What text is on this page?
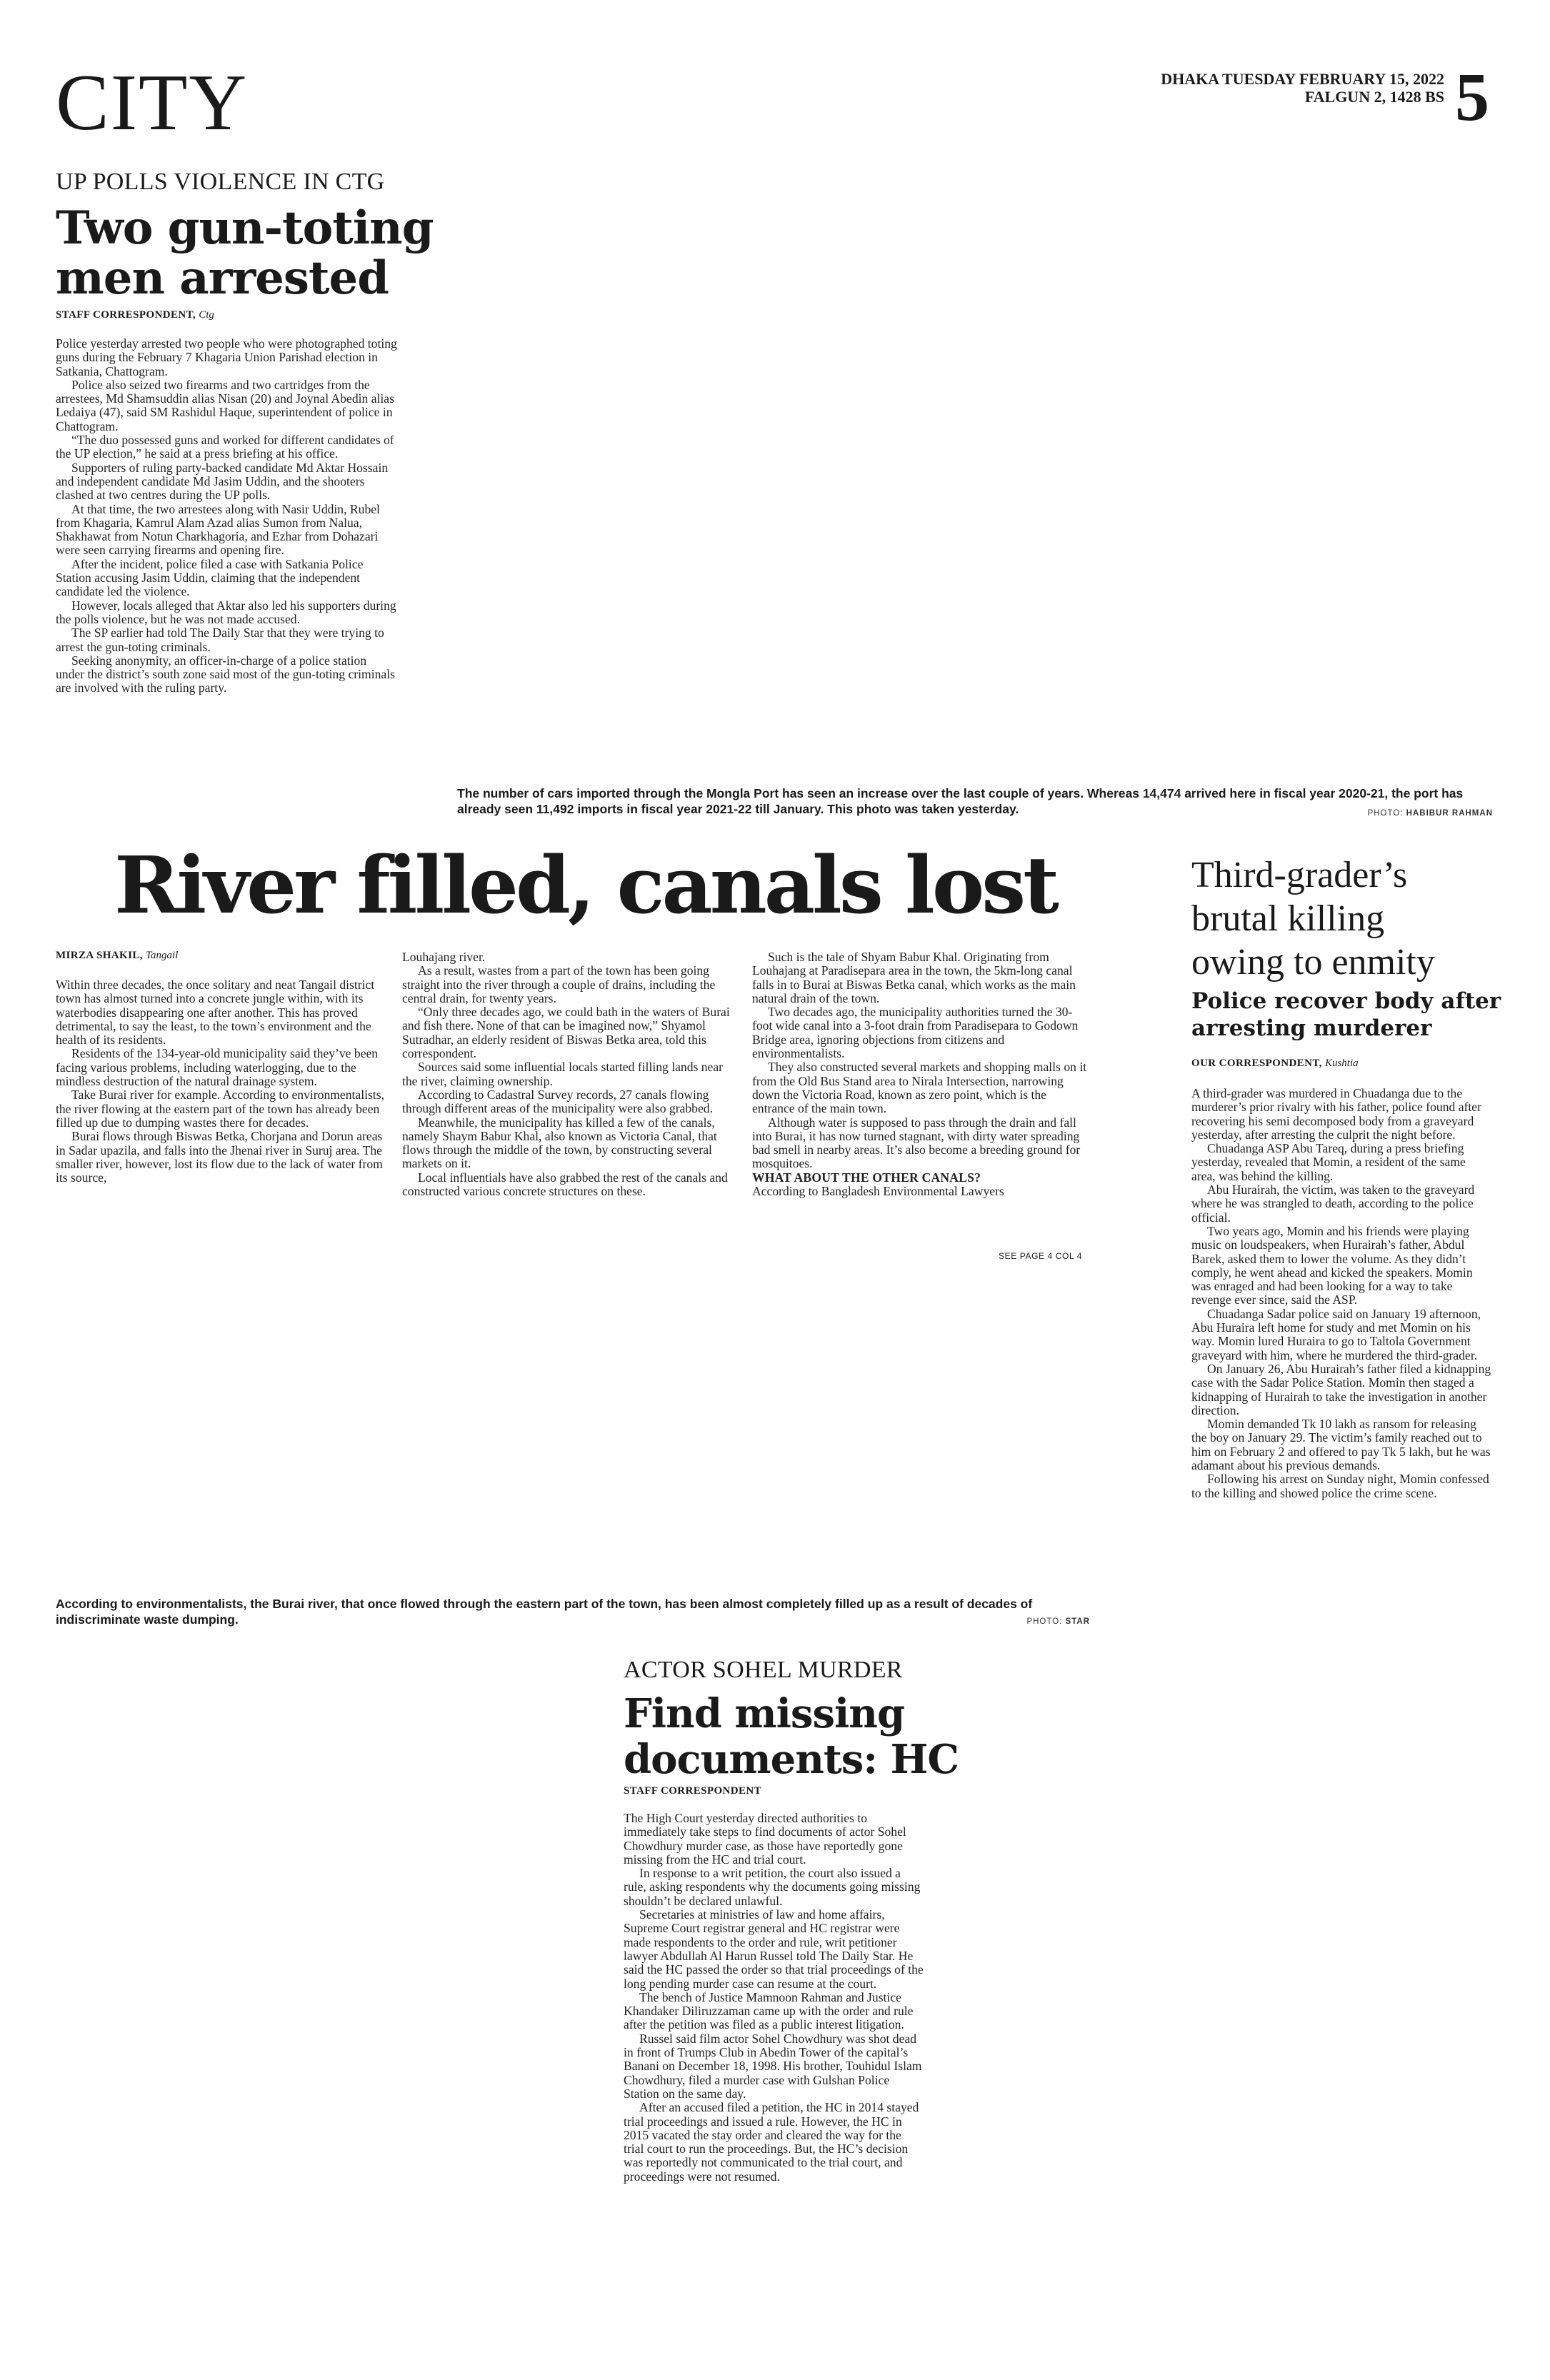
CITY	DHAKA TUESDAY FEBRUARY 15, 2022
FALGUN 2, 1428 BS 5
UP POLLS VIOLENCE IN CTG
Two gun-toting
men arrested
STAFF CORRESPONDENT, Ctg

Police yesterday arrested two people who were photographed toting guns during the February 7 Khagaria Union Parishad election in Satkania, Chattogram.

Police also seized two firearms and two cartridges from the arrestees, Md Shamsuddin alias Nisan (20) and Joynal Abedin alias Ledaiya (47), said SM Rashidul Haque, superintendent of police in Chattogram.

“The duo possessed guns and worked for different candidates of the UP election,” he said at a press briefing at his office.

Supporters of ruling party-backed candidate Md Aktar Hossain and independent candidate Md Jasim Uddin, and the shooters clashed at two centres during the UP polls.

At that time, the two arrestees along with Nasir Uddin, Rubel from Khagaria, Kamrul Alam Azad alias Sumon from Nalua, Shakhawat from Notun Charkhagoria, and Ezhar from Dohazari were seen carrying firearms and opening fire.

After the incident, police filed a case with Satkania Police Station accusing Jasim Uddin, claiming that the independent candidate led the violence.

However, locals alleged that Aktar also led his supporters during the polls violence, but he was not made accused.

The SP earlier had told The Daily Star that they were trying to arrest the gun-toting criminals.

Seeking anonymity, an officer-in-charge of a police station under the district’s south zone said most of the gun-toting criminals are involved with the ruling party.

The number of cars imported through the Mongla Port has seen an increase over the last couple of years. Whereas 14,474 arrived here in fiscal year 2020-21, the port has already seen 11,492 imports in fiscal year 2021-22 till January. This photo was taken yesterday.	PHOTO: HABIBUR RAHMAN
River filled, canals lost
MIRZA SHAKIL, Tangail

Within three decades, the once solitary and neat Tangail district town has almost turned into a concrete jungle within, with its waterbodies disappearing one after another. This has proved detrimental, to say the least, to the town’s environment and the health of its residents.

Residents of the 134-year-old municipality said they’ve been facing various problems, including waterlogging, due to the mindless destruction of the natural drainage system.

Take Burai river for example. According to environmentalists, the river flowing at the eastern part of the town has already been filled up due to dumping wastes there for decades.

Burai flows through Biswas Betka, Chorjana and Dorun areas in Sadar upazila, and falls into the Jhenai river in Suruj area. The smaller river, however, lost its flow due to the lack of water from its source,

Louhajang river.

As a result, wastes from a part of the town has been going straight into the river through a couple of drains, including the central drain, for twenty years.

“Only three decades ago, we could bath in the waters of Burai and fish there. None of that can be imagined now,” Shyamol Sutradhar, an elderly resident of Biswas Betka area, told this correspondent.

Sources said some influential locals started filling lands near the river, claiming ownership.

According to Cadastral Survey records, 27 canals flowing through different areas of the municipality were also grabbed.

Meanwhile, the municipality has killed a few of the canals, namely Shaym Babur Khal, also known as Victoria Canal, that flows through the middle of the town, by constructing several markets on it.

Local influentials have also grabbed the rest of the canals and constructed various concrete structures on these.

Such is the tale of Shyam Babur Khal. Originating from Louhajang at Paradisepara area in the town, the 5km-long canal falls in to Burai at Biswas Betka canal, which works as the main natural drain of the town.

Two decades ago, the municipality authorities turned the 30-foot wide canal into a 3-foot drain from Paradisepara to Godown Bridge area, ignoring objections from citizens and environmentalists.

They also constructed several markets and shopping malls on it from the Old Bus Stand area to Nirala Intersection, narrowing down the Victoria Road, known as zero point, which is the entrance of the main town.

Although water is supposed to pass through the drain and fall into Burai, it has now turned stagnant, with dirty water spreading bad smell in nearby areas. It’s also become a breeding ground for mosquitoes.

WHAT ABOUT THE OTHER CANALS?

According to Bangladesh Environmental Lawyers

SEE PAGE 4 COL 4
According to environmentalists, the Burai river, that once flowed through the eastern part of the town, has been almost completely filled up as a result of decades of indiscriminate waste dumping.	PHOTO: STAR
Third-grader’s
brutal killing
owing to enmity
Police recover body after
arresting murderer
OUR CORRESPONDENT, Kushtia

A third-grader was murdered in Chuadanga due to the murderer’s prior rivalry with his father, police found after recovering his semi decomposed body from a graveyard yesterday, after arresting the culprit the night before.

Chuadanga ASP Abu Tareq, during a press briefing yesterday, revealed that Momin, a resident of the same area, was behind the killing.

Abu Hurairah, the victim, was taken to the graveyard where he was strangled to death, according to the police official.

Two years ago, Momin and his friends were playing music on loudspeakers, when Hurairah’s father, Abdul Barek, asked them to lower the volume. As they didn’t comply, he went ahead and kicked the speakers. Momin was enraged and had been looking for a way to take revenge ever since, said the ASP.

Chuadanga Sadar police said on January 19 afternoon, Abu Huraira left home for study and met Momin on his way. Momin lured Huraira to go to Taltola Government graveyard with him, where he murdered the third-grader.

On January 26, Abu Hurairah’s father filed a kidnapping case with the Sadar Police Station. Momin then staged a kidnapping of Hurairah to take the investigation in another direction.

Momin demanded Tk 10 lakh as ransom for releasing the boy on January 29. The victim’s family reached out to him on February 2 and offered to pay Tk 5 lakh, but he was adamant about his previous demands.

Following his arrest on Sunday night, Momin confessed to the killing and showed police the crime scene.

ACTOR SOHEL MURDER
Find missing
documents: HC
STAFF CORRESPONDENT

The High Court yesterday directed authorities to immediately take steps to find documents of actor Sohel Chowdhury murder case, as those have reportedly gone missing from the HC and trial court.

In response to a writ petition, the court also issued a rule, asking respondents why the documents going missing shouldn’t be declared unlawful.

Secretaries at ministries of law and home affairs, Supreme Court registrar general and HC registrar were made respondents to the order and rule, writ petitioner lawyer Abdullah Al Harun Russel told The Daily Star. He said the HC passed the order so that trial proceedings of the long pending murder case can resume at the court.

The bench of Justice Mamnoon Rahman and Justice Khandaker Diliruzzaman came up with the order and rule after the petition was filed as a public interest litigation.

Russel said film actor Sohel Chowdhury was shot dead in front of Trumps Club in Abedin Tower of the capital’s Banani on December 18, 1998. His brother, Touhidul Islam Chowdhury, filed a murder case with Gulshan Police Station on the same day.

After an accused filed a petition, the HC in 2014 stayed trial proceedings and issued a rule. However, the HC in 2015 vacated the stay order and cleared the way for the trial court to run the proceedings. But, the HC’s decision was reportedly not communicated to the trial court, and proceedings were not resumed.
